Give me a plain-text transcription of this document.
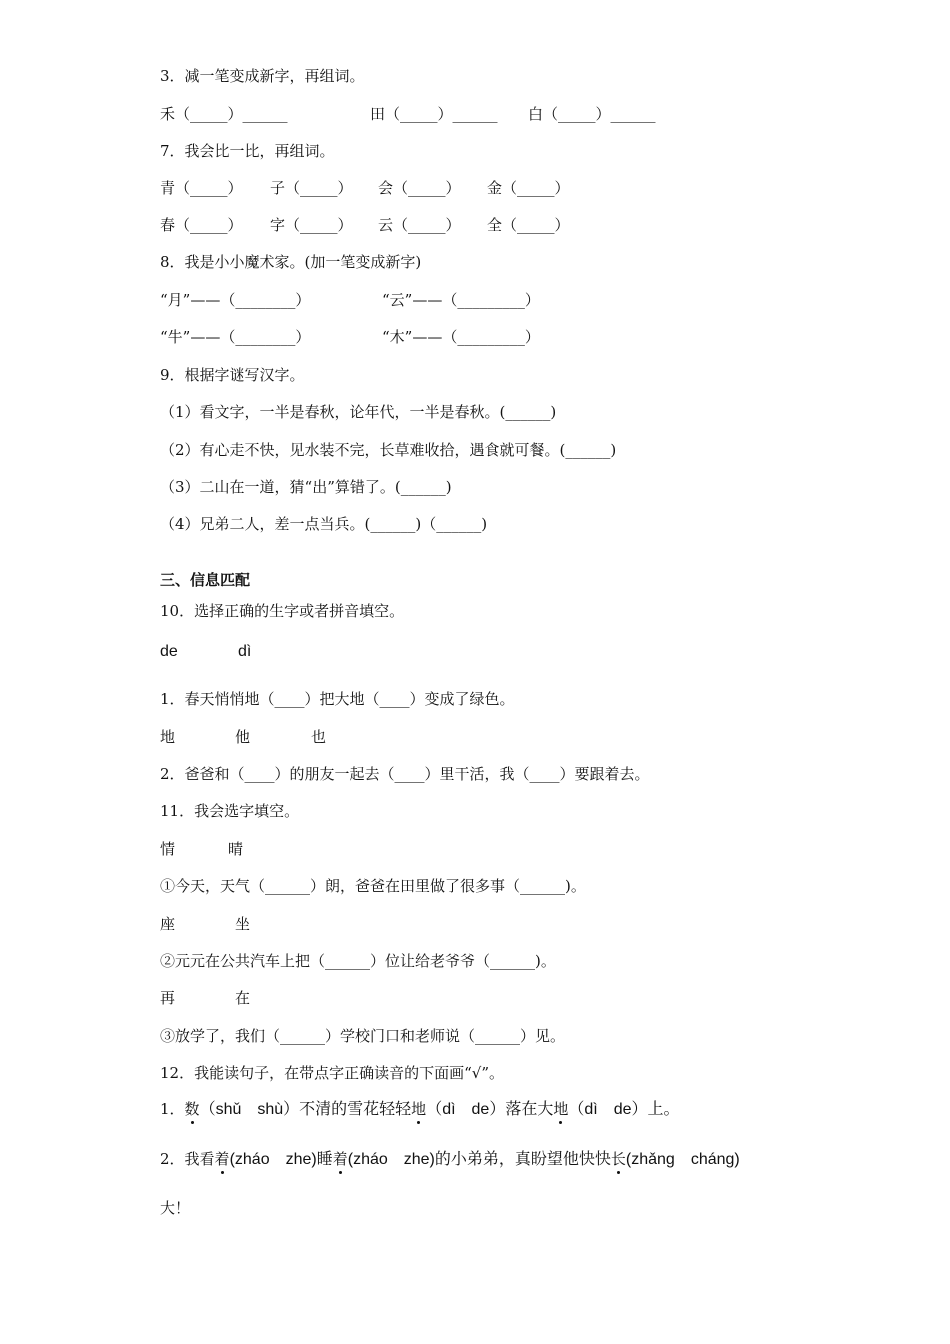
3．减一笔变成新字，再组词。
禾（_____）______	田（_____）______ 白（_____）______
7．我会比一比，再组词。
青（_____） 子（_____） 会（_____） 金（_____）
春（_____） 字（_____） 云（_____） 全（_____）
8．我是小小魔术家。(加一笔变成新字)
“月”——（________）	“云”——（_________）
“牛”——（________）	“木”——（_________）
9．根据字谜写汉字。
（1）看文字，一半是春秋，论年代，一半是春秋。(______)
（2）有心走不快，见水装不完，长草难收拾，遇食就可餐。(______)
（3）二山在一道，猜“出”算错了。(______)
（4）兄弟二人，差一点当兵。(______)（______)
三、信息匹配
10．选择正确的生字或者拼音填空。
de	dì
1．春天悄悄地（____）把大地（____）变成了绿色。
地	他	也
2．爸爸和（____）的朋友一起去（____）里干活，我（____）要跟着去。
11．我会选字填空。
情	晴
①今天，天气（______）朗，爸爸在田里做了很多事（______)。
座	坐
②元元在公共汽车上把（______）位让给老爷爷（______)。
再	在
③放学了，我们（______）学校门口和老师说（______）见。
12．我能读句子，在带点字正确读音的下面画“√”。
1．数（shǔ　shù）不清的雪花轻轻地（dì　de）落在大地（dì　de）上。
2．我看着(zháo　zhe)睡着(zháo　zhe)的小弟弟，真盼望他快快长(zhǎng　cháng)
大！
